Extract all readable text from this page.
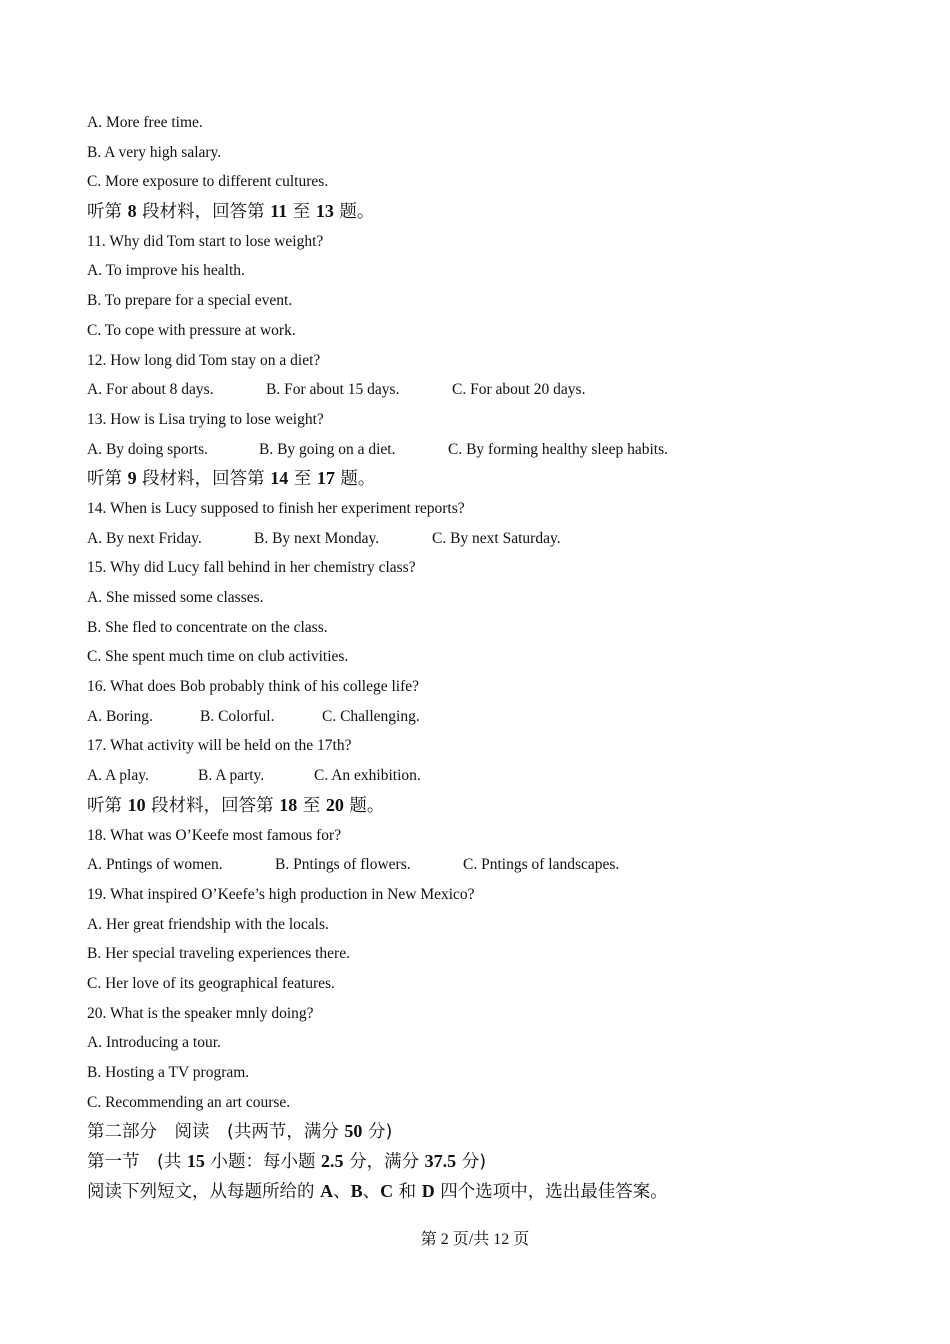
A. More free time.
B. A very high salary.
C. More exposure to different cultures.
听第 8 段材料，回答第 11 至 13 题。
11. Why did Tom start to lose weight?
A. To improve his health.
B. To prepare for a special event.
C. To cope with pressure at work.
12. How long did Tom stay on a diet?
A. For about 8 days.	B. For about 15 days.	C. For about 20 days.
13. How is Lisa trying to lose weight?
A. By doing sports.	B. By going on a diet.	C. By forming healthy sleep habits.
听第 9 段材料，回答第 14 至 17 题。
14. When is Lucy supposed to finish her experiment reports?
A. By next Friday.	B. By next Monday.	C. By next Saturday.
15. Why did Lucy fall behind in her chemistry class?
A. She missed some classes.
B. She fled to concentrate on the class.
C. She spent much time on club activities.
16. What does Bob probably think of his college life?
A. Boring.	B. Colorful.	C. Challenging.
17. What activity will be held on the 17th?
A. A play.	B. A party.	C. An exhibition.
听第 10 段材料，回答第 18 至 20 题。
18. What was O’Keefe most famous for?
A. Pntings of women.	B. Pntings of flowers.	C. Pntings of landscapes.
19. What inspired O’Keefe’s high production in New Mexico?
A. Her great friendship with the locals.
B. Her special traveling experiences there.
C. Her love of its geographical features.
20. What is the speaker mnly doing?
A. Introducing a tour.
B. Hosting a TV program.
C. Recommending an art course.
第二部分　阅读　(共两节，满分 50 分)
第一节　(共 15 小题：每小题 2.5 分，满分 37.5 分)
阅读下列短文，从每题所给的 A、B、C 和 D 四个选项中，选出最佳答案。
第 2 页/共 12 页
